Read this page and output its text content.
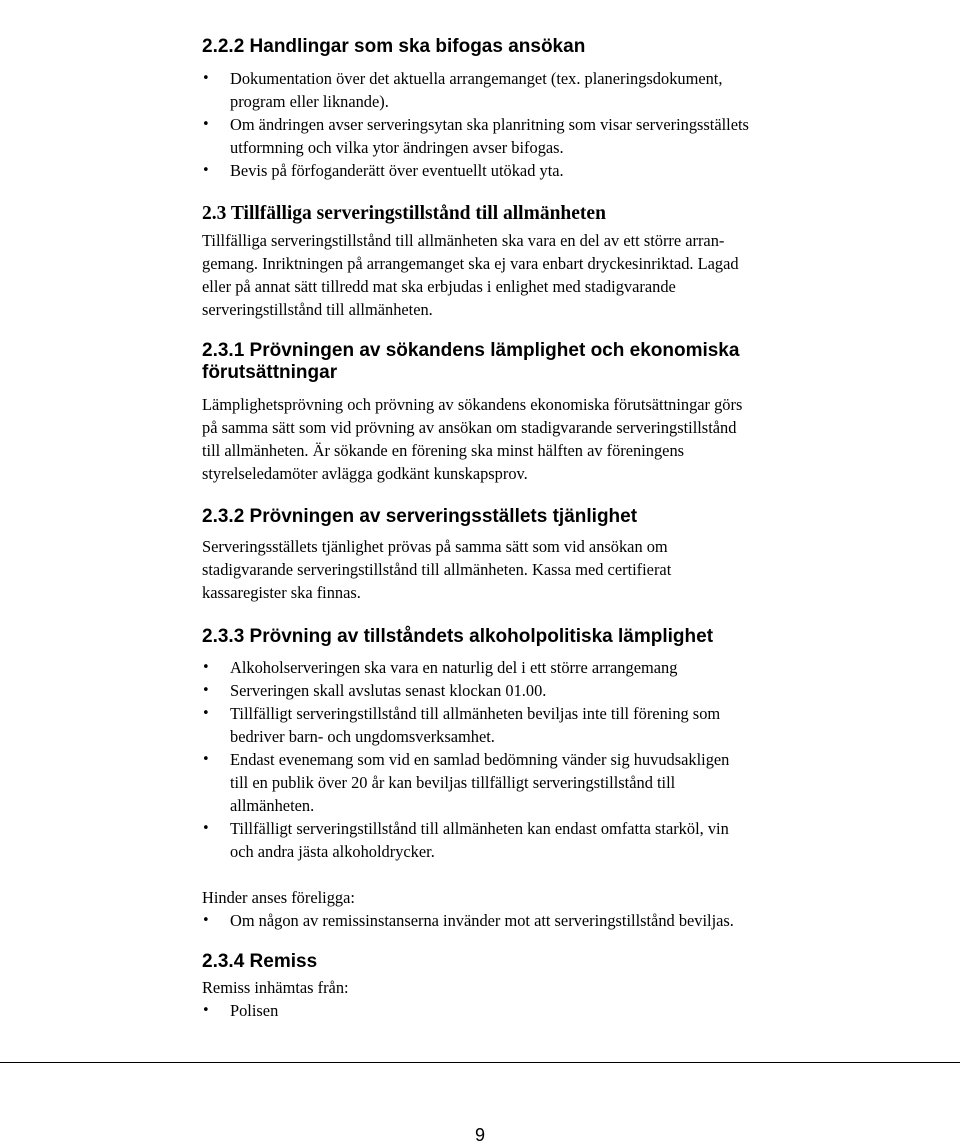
2.2.2 Handlingar som ska bifogas ansökan
• Dokumentation över det aktuella arrangemanget (tex. planeringsdokument,
program eller liknande).
• Om ändringen avser serveringsytan ska planritning som visar serveringsställets
utformning och vilka ytor ändringen avser bifogas.
• Bevis på förfoganderätt över eventuellt utökad yta.
2.3 Tillfälliga serveringstillstånd till allmänheten

Tillfälliga serveringstillstånd till allmänheten ska vara en del av ett större arran-
gemang. Inriktningen på arrangemanget ska ej vara enbart dryckesinriktad. Lagad
eller på annat sätt tillredd mat ska erbjudas i enlighet med stadigvarande
serveringstillstånd till allmänheten.

2.3.1 Prövningen av sökandens lämplighet och ekonomiska
förutsättningar

Lämplighetsprövning och prövning av sökandens ekonomiska förutsättningar görs
på samma sätt som vid prövning av ansökan om stadigvarande serveringstillstånd
till allmänheten. Är sökande en förening ska minst hälften av föreningens
styrelseledamöter avlägga godkänt kunskapsprov.

2.3.2 Prövningen av serveringsställets tjänlighet

Serveringsställets tjänlighet prövas på samma sätt som vid ansökan om
stadigvarande serveringstillstånd till allmänheten. Kassa med certifierat
kassaregister ska finnas.

2.3.3 Prövning av tillståndets alkoholpolitiska lämplighet
• Alkoholserveringen ska vara en naturlig del i ett större arrangemang
• Serveringen skall avslutas senast klockan 01.00.
• Tillfälligt serveringstillstånd till allmänheten beviljas inte till förening som
bedriver barn- och ungdomsverksamhet.
• Endast evenemang som vid en samlad bedömning vänder sig huvudsakligen
till en publik över 20 år kan beviljas tillfälligt serveringstillstånd till
allmänheten.
• Tillfälligt serveringstillstånd till allmänheten kan endast omfatta starköl, vin
och andra jästa alkoholdrycker.

Hinder anses föreligga:

• Om någon av remissinstanserna invänder mot att serveringstillstånd beviljas.
2.3.4 Remiss

Remiss inhämtas från:

• Polisen
9
